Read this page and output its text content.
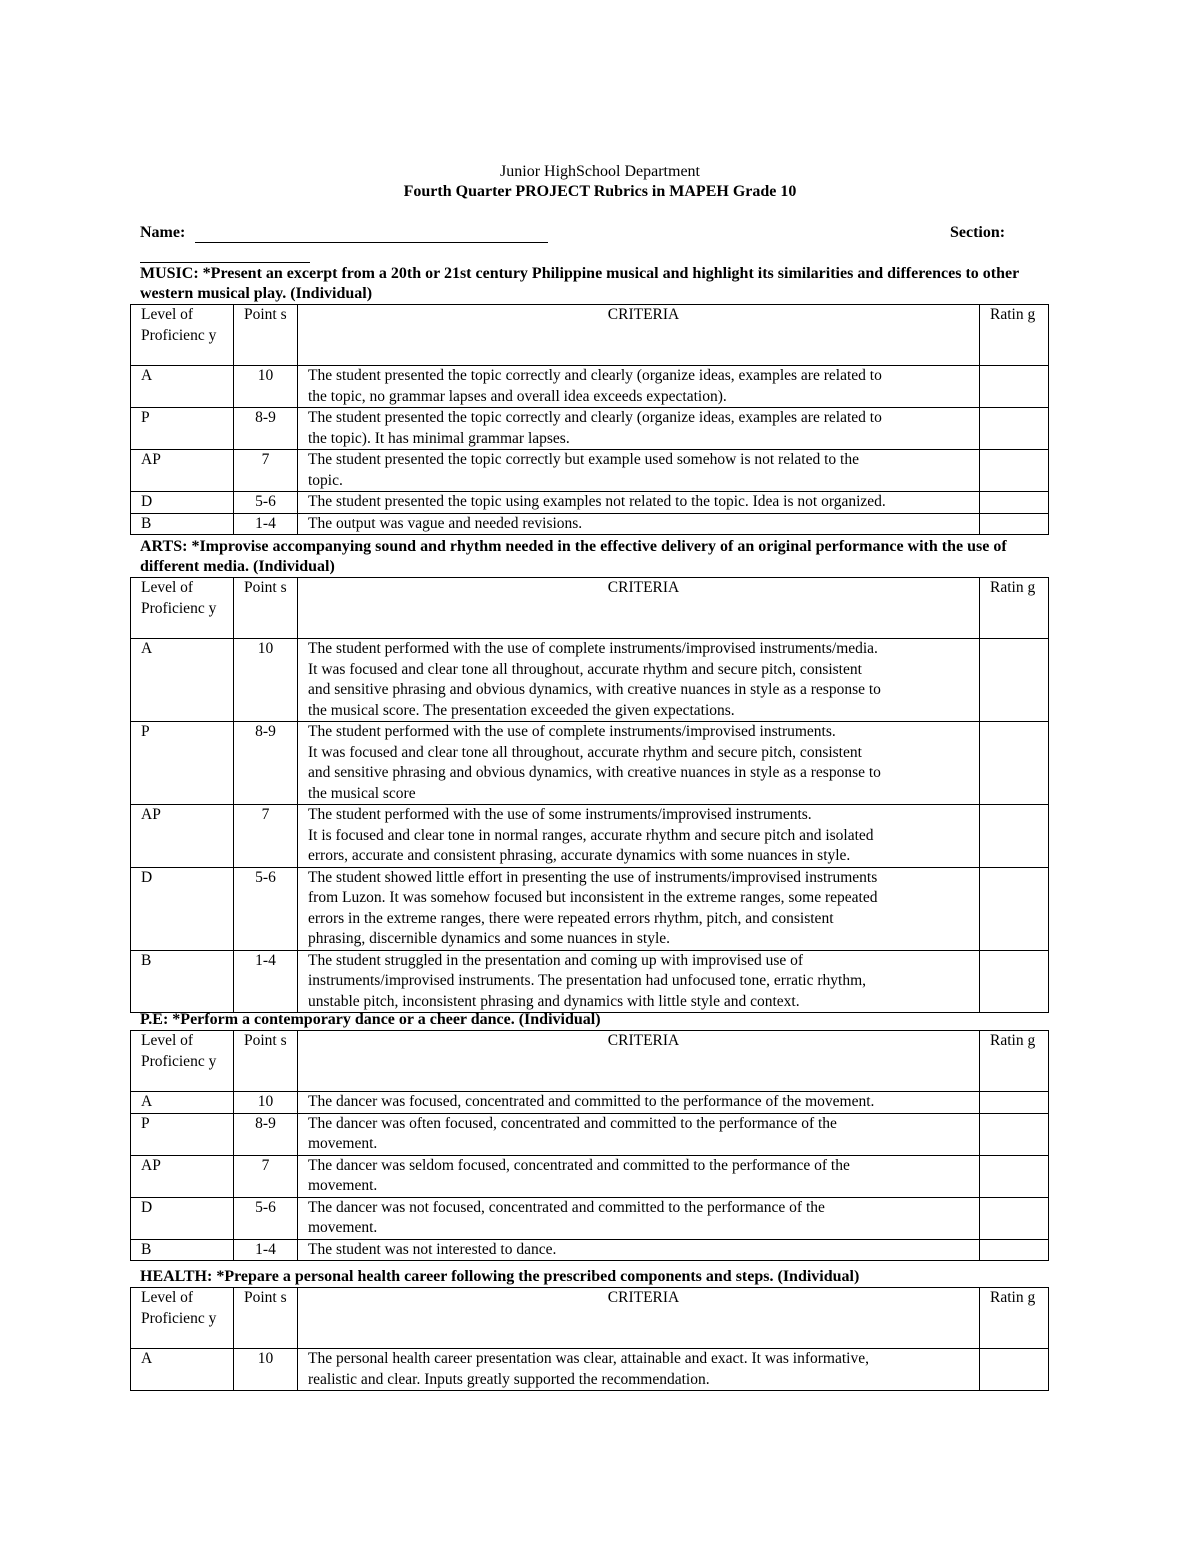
Junior HighSchool Department
Fourth Quarter PROJECT Rubrics in MAPEH Grade 10
Name:	Section:
MUSIC: *Present an excerpt from a 20th or 21st century Philippine musical and highlight its similarities and differences to other western musical play. (Individual)
Level of Proficienc y	Point s	CRITERIA	Ratin g
A	10	The student presented the topic correctly and clearly (organize ideas, examples are related to
the topic, no grammar lapses and overall idea exceeds expectation).	
P	8-9	The student presented the topic correctly and clearly (organize ideas, examples are related to
the topic). It has minimal grammar lapses.	
AP	7	The student presented the topic correctly but example used somehow is not related to the
topic.	
D	5-6	The student presented the topic using examples not related to the topic. Idea is not organized.	
B	1-4	The output was vague and needed revisions.	
ARTS: *Improvise accompanying sound and rhythm needed in the effective delivery of an original performance with the use of different media. (Individual)
Level of Proficienc y	Point s	CRITERIA	Ratin g
A	10	The student performed with the use of complete instruments/improvised instruments/media.
It was focused and clear tone all throughout, accurate rhythm and secure pitch, consistent
and sensitive phrasing and obvious dynamics, with creative nuances in style as a response to
the musical score. The presentation exceeded the given expectations.	
P	8-9	The student performed with the use of complete instruments/improvised instruments.
It was focused and clear tone all throughout, accurate rhythm and secure pitch, consistent
and sensitive phrasing and obvious dynamics, with creative nuances in style as a response to
the musical score	
AP	7	The student performed with the use of some instruments/improvised instruments.
It is focused and clear tone in normal ranges, accurate rhythm and secure pitch and isolated
errors, accurate and consistent phrasing, accurate dynamics with some nuances in style.	
D	5-6	The student showed little effort in presenting the use of instruments/improvised instruments
from Luzon. It was somehow focused but inconsistent in the extreme ranges, some repeated
errors in the extreme ranges, there were repeated errors rhythm, pitch, and consistent
phrasing, discernible dynamics and some nuances in style.	
B	1-4	The student struggled in the presentation and coming up with improvised use of
instruments/improvised instruments. The presentation had unfocused tone, erratic rhythm,
unstable pitch, inconsistent phrasing and dynamics with little style and context.	
P.E: *Perform a contemporary dance or a cheer dance. (Individual)
Level of Proficienc y	Point s	CRITERIA	Ratin g
A	10	The dancer was focused, concentrated and committed to the performance of the movement.	
P	8-9	The dancer was often focused, concentrated and committed to the performance of the
movement.	
AP	7	The dancer was seldom focused, concentrated and committed to the performance of the
movement.	
D	5-6	The dancer was not focused, concentrated and committed to the performance of the
movement.	
B	1-4	The student was not interested to dance.	
HEALTH: *Prepare a personal health career following the prescribed components and steps. (Individual)
Level of Proficienc y	Point s	CRITERIA	Ratin g
A	10	The personal health career presentation was clear, attainable and exact. It was informative,
realistic and clear. Inputs greatly supported the recommendation.	
